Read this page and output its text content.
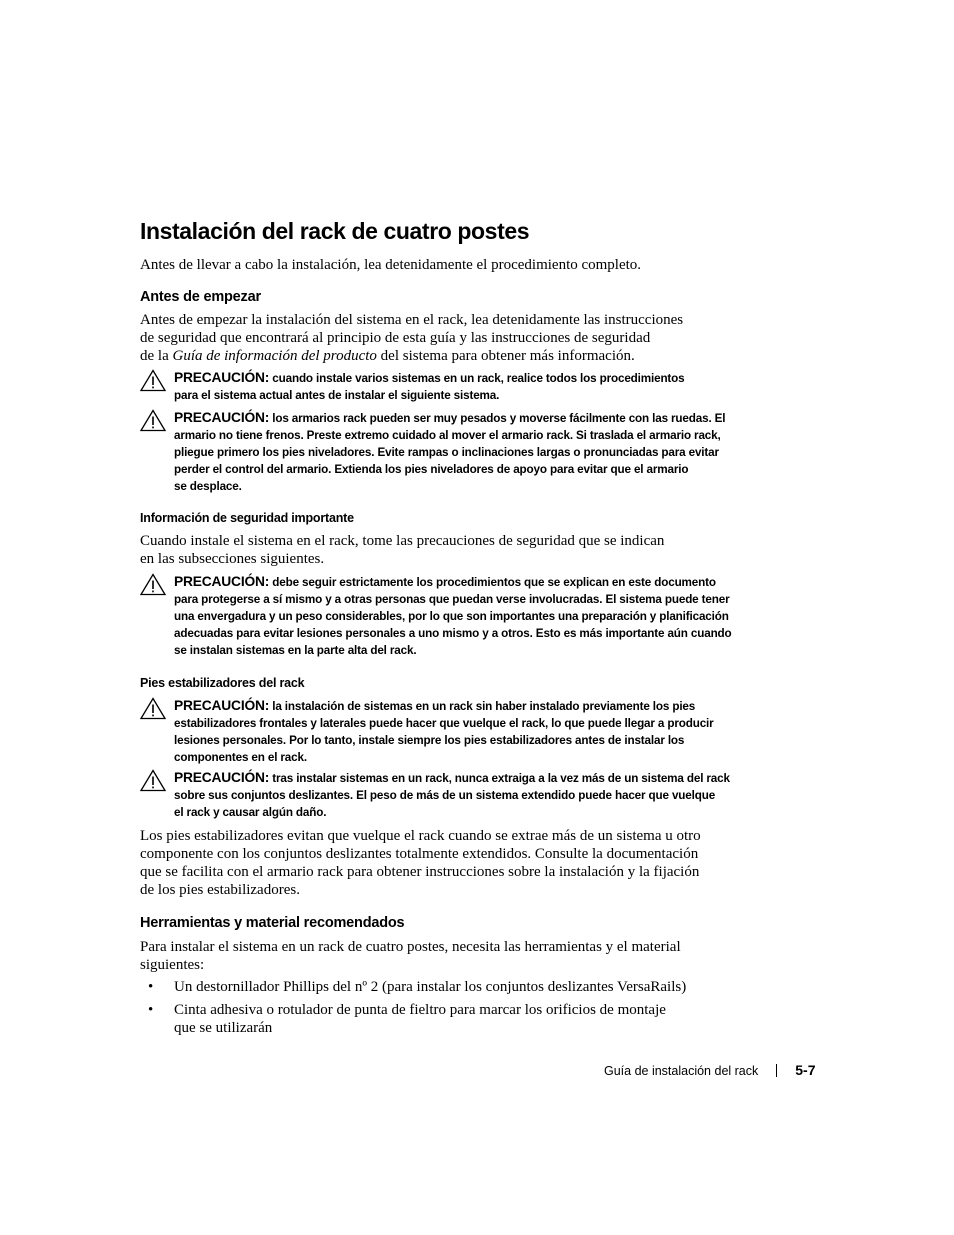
Instalación del rack de cuatro postes

Antes de llevar a cabo la instalación, lea detenidamente el procedimiento completo.

Antes de empezar

Antes de empezar la instalación del sistema en el rack, lea detenidamente las instrucciones
de seguridad que encontrará al principio de esta guía y las instrucciones de seguridad
de la Guía de información del producto del sistema para obtener más información.

PRECAUCIÓN: cuando instale varios sistemas en un rack, realice todos los procedimientos
para el sistema actual antes de instalar el siguiente sistema.
PRECAUCIÓN: los armarios rack pueden ser muy pesados y moverse fácilmente con las ruedas. El
armario no tiene frenos. Preste extremo cuidado al mover el armario rack. Si traslada el armario rack,
pliegue primero los pies niveladores. Evite rampas o inclinaciones largas o pronunciadas para evitar
perder el control del armario. Extienda los pies niveladores de apoyo para evitar que el armario
se desplace.
Información de seguridad importante

Cuando instale el sistema en el rack, tome las precauciones de seguridad que se indican
en las subsecciones siguientes.

PRECAUCIÓN: debe seguir estrictamente los procedimientos que se explican en este documento
para protegerse a sí mismo y a otras personas que puedan verse involucradas. El sistema puede tener
una envergadura y un peso considerables, por lo que son importantes una preparación y planificación
adecuadas para evitar lesiones personales a uno mismo y a otros. Esto es más importante aún cuando
se instalan sistemas en la parte alta del rack.
Pies estabilizadores del rack
PRECAUCIÓN: la instalación de sistemas en un rack sin haber instalado previamente los pies
estabilizadores frontales y laterales puede hacer que vuelque el rack, lo que puede llegar a producir
lesiones personales. Por lo tanto, instale siempre los pies estabilizadores antes de instalar los
componentes en el rack.
PRECAUCIÓN: tras instalar sistemas en un rack, nunca extraiga a la vez más de un sistema del rack
sobre sus conjuntos deslizantes. El peso de más de un sistema extendido puede hacer que vuelque
el rack y causar algún daño.

Los pies estabilizadores evitan que vuelque el rack cuando se extrae más de un sistema u otro
componente con los conjuntos deslizantes totalmente extendidos. Consulte la documentación
que se facilita con el armario rack para obtener instrucciones sobre la instalación y la fijación
de los pies estabilizadores.

Herramientas y material recomendados

Para instalar el sistema en un rack de cuatro postes, necesita las herramientas y el material
siguientes:

• Un destornillador Phillips del nº 2 (para instalar los conjuntos deslizantes VersaRails)
• Cinta adhesiva o rotulador de punta de fieltro para marcar los orificios de montaje
que se utilizarán
Guía de instalación del rack	5-7
